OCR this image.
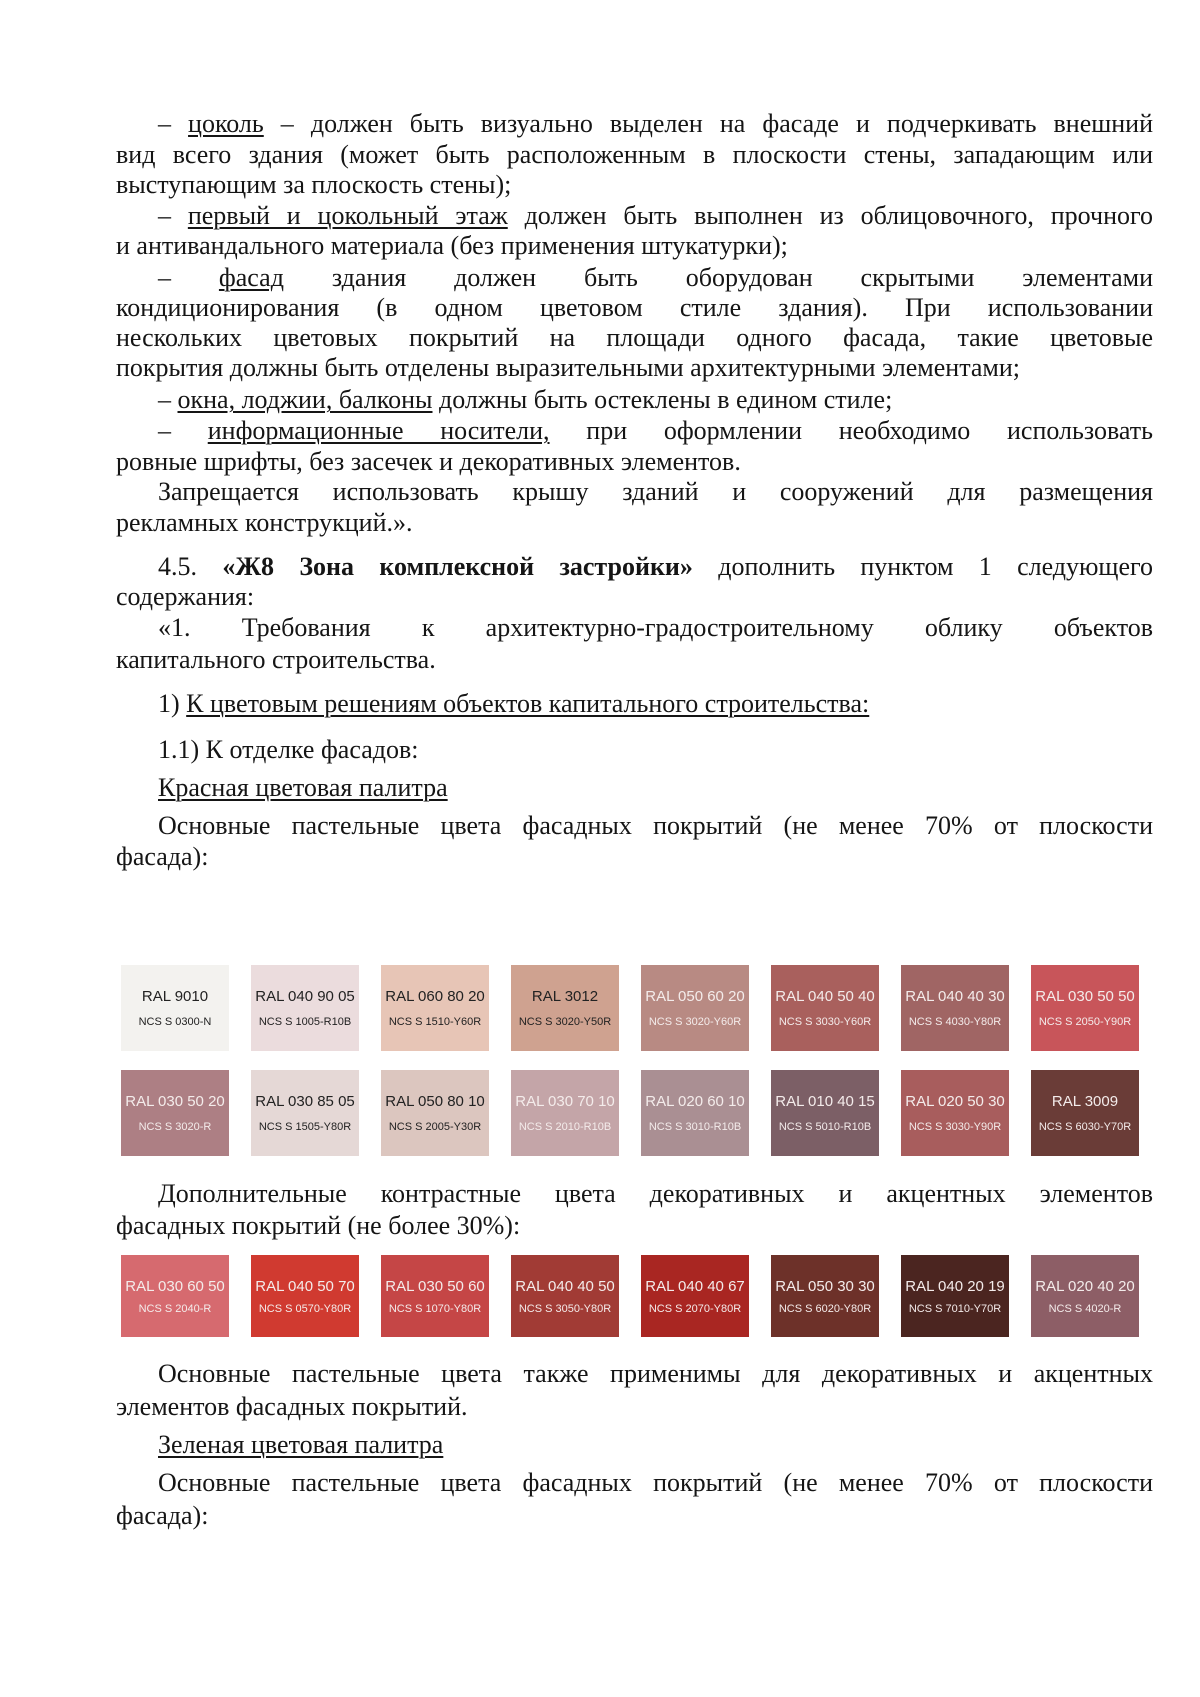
– цоколь – должен быть визуально выделен на фасаде и подчеркивать внешний
вид всего здания (может быть расположенным в плоскости стены, западающим или
выступающим за плоскость стены);
– первый и цокольный этаж должен быть выполнен из облицовочного, прочного
и антивандального материала (без применения штукатурки);
– фасад здания должен быть оборудован скрытыми элементами
кондиционирования (в одном цветовом стиле здания). При использовании
нескольких цветовых покрытий на площади одного фасада, такие цветовые
покрытия должны быть отделены выразительными архитектурными элементами;
– окна, лоджии, балконы должны быть остеклены в едином стиле;
– информационные носители, при оформлении необходимо использовать
ровные шрифты, без засечек и декоративных элементов.
Запрещается использовать крышу зданий и сооружений для размещения
рекламных конструкций.».
4.5. «Ж8 Зона комплексной застройки» дополнить пунктом 1 следующего
содержания:
«1. Требования к архитектурно-градостроительному облику объектов
капитального строительства.
1) К цветовым решениям объектов капитального строительства:
1.1) К отделке фасадов:
Красная цветовая палитра
Основные пастельные цвета фасадных покрытий (не менее 70% от плоскости
фасада):
RAL 9010
NCS S 0300-N
RAL 040 90 05
NCS S 1005-R10B
RAL 060 80 20
NCS S 1510-Y60R
RAL 3012
NCS S 3020-Y50R
RAL 050 60 20
NCS S 3020-Y60R
RAL 040 50 40
NCS S 3030-Y60R
RAL 040 40 30
NCS S 4030-Y80R
RAL 030 50 50
NCS S 2050-Y90R
RAL 030 50 20
NCS S 3020-R
RAL 030 85 05
NCS S 1505-Y80R
RAL 050 80 10
NCS S 2005-Y30R
RAL 030 70 10
NCS S 2010-R10B
RAL 020 60 10
NCS S 3010-R10B
RAL 010 40 15
NCS S 5010-R10B
RAL 020 50 30
NCS S 3030-Y90R
RAL 3009
NCS S 6030-Y70R
Дополнительные контрастные цвета декоративных и акцентных элементов
фасадных покрытий (не более 30%):
RAL 030 60 50
NCS S 2040-R
RAL 040 50 70
NCS S 0570-Y80R
RAL 030 50 60
NCS S 1070-Y80R
RAL 040 40 50
NCS S 3050-Y80R
RAL 040 40 67
NCS S 2070-Y80R
RAL 050 30 30
NCS S 6020-Y80R
RAL 040 20 19
NCS S 7010-Y70R
RAL 020 40 20
NCS S 4020-R
Основные пастельные цвета также применимы для декоративных и акцентных
элементов фасадных покрытий.
Зеленая цветовая палитра
Основные пастельные цвета фасадных покрытий (не менее 70% от плоскости
фасада):
